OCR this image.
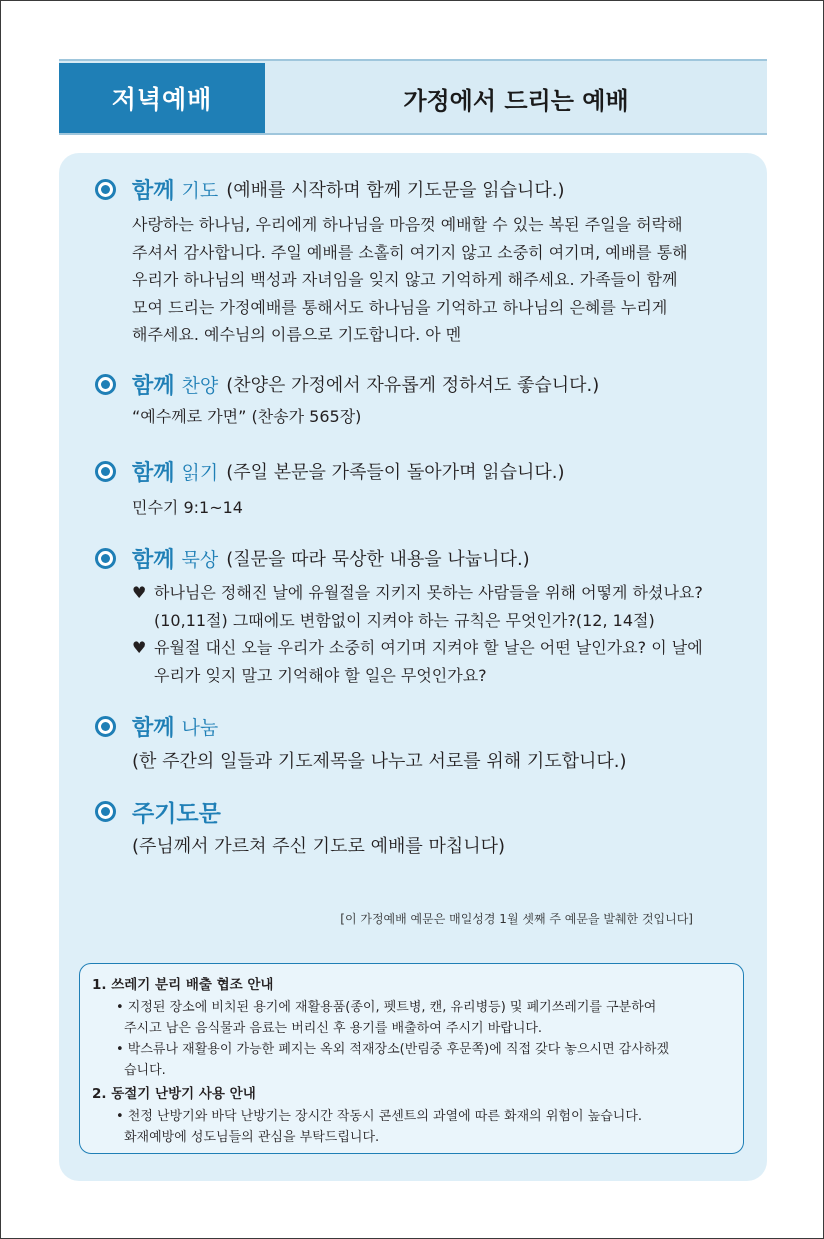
저녁예배	가정에서 드리는 예배
함께 기도 (예배를 시작하며 함께 기도문을 읽습니다.)
사랑하는 하나님, 우리에게 하나님을 마음껏 예배할 수 있는 복된 주일을 허락해
주셔서 감사합니다. 주일 예배를 소홀히 여기지 않고 소중히 여기며, 예배를 통해
우리가 하나님의 백성과 자녀임을 잊지 않고 기억하게 해주세요. 가족들이 함께
모여 드리는 가정예배를 통해서도 하나님을 기억하고 하나님의 은혜를 누리게
해주세요. 예수님의 이름으로 기도합니다. 아 멘
함께 찬양 (찬양은 가정에서 자유롭게 정하셔도 좋습니다.)
“예수께로 가면” (찬송가 565장)
함께 읽기 (주일 본문을 가족들이 돌아가며 읽습니다.)
민수기 9:1~14
함께 묵상 (질문을 따라 묵상한 내용을 나눕니다.)
♥ 하나님은 정해진 날에 유월절을 지키지 못하는 사람들을 위해 어떻게 하셨나요?
(10,11절) 그때에도 변함없이 지켜야 하는 규칙은 무엇인가?(12, 14절)
♥ 유월절 대신 오늘 우리가 소중히 여기며 지켜야 할 날은 어떤 날인가요? 이 날에
우리가 잊지 말고 기억해야 할 일은 무엇인가요?
함께 나눔
(한 주간의 일들과 기도제목을 나누고 서로를 위해 기도합니다.)
주기도문
(주님께서 가르쳐 주신 기도로 예배를 마칩니다)
[이 가정예배 예문은 매일성경 1월 셋째 주 예문을 발췌한 것입니다]
1. 쓰레기 분리 배출 협조 안내
• 지정된 장소에 비치된 용기에 재활용품(종이, 펫트병, 캔, 유리병등) 및 폐기쓰레기를 구분하여
주시고 남은 음식물과 음료는 버리신 후 용기를 배출하여 주시기 바랍니다.
• 박스류나 재활용이 가능한 폐지는 옥외 적재장소(반림중 후문쪽)에 직접 갖다 놓으시면 감사하겠
습니다.
2. 동절기 난방기 사용 안내
• 천정 난방기와 바닥 난방기는 장시간 작동시 콘센트의 과열에 따른 화재의 위험이 높습니다.
화재예방에 성도님들의 관심을 부탁드립니다.
